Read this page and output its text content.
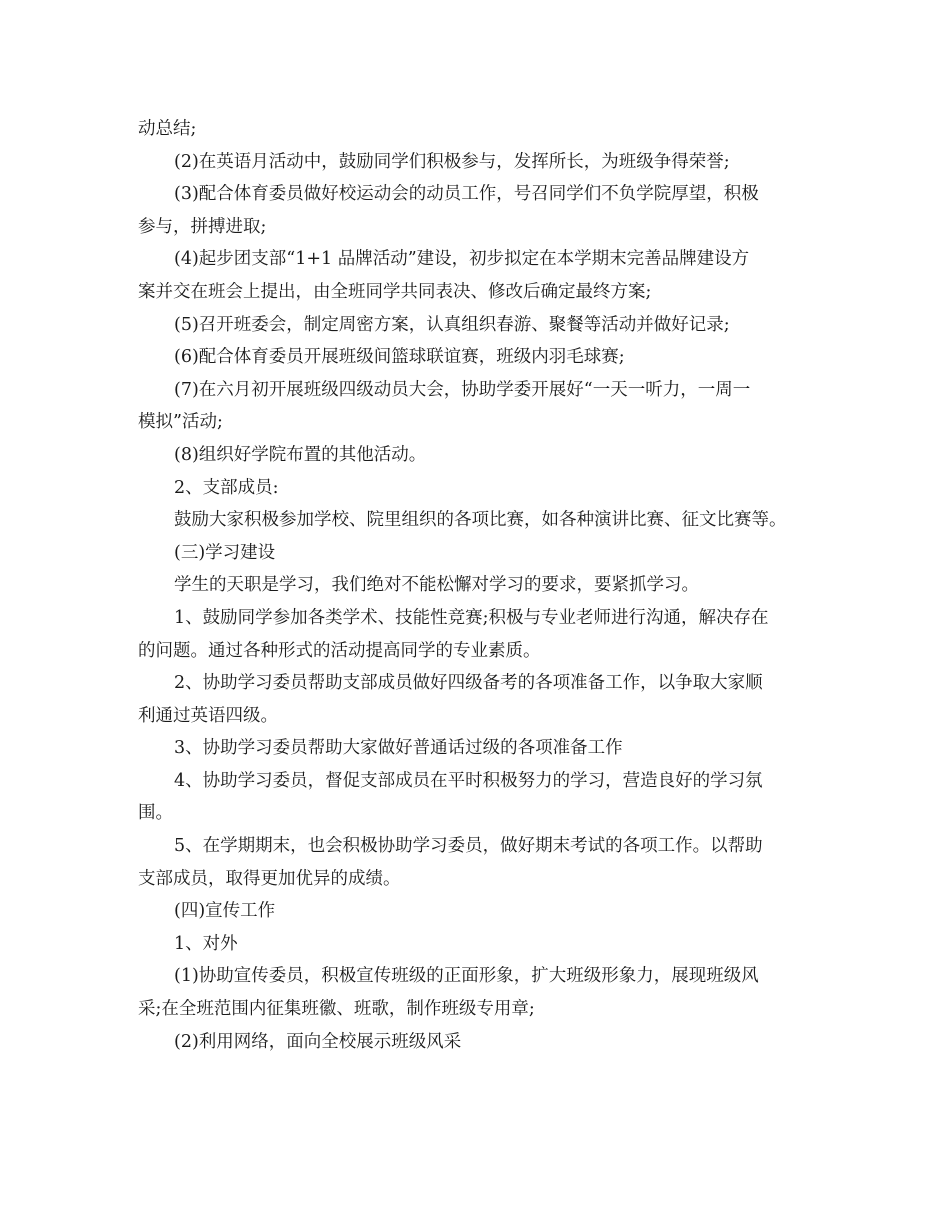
动总结;
(2)在英语月活动中，鼓励同学们积极参与，发挥所长，为班级争得荣誉;
(3)配合体育委员做好校运动会的动员工作，号召同学们不负学院厚望，积极
参与，拼搏进取;
(4)起步团支部“1+1 品牌活动”建设，初步拟定在本学期末完善品牌建设方
案并交在班会上提出，由全班同学共同表决、修改后确定最终方案;
(5)召开班委会，制定周密方案，认真组织春游、聚餐等活动并做好记录;
(6)配合体育委员开展班级间篮球联谊赛，班级内羽毛球赛;
(7)在六月初开展班级四级动员大会，协助学委开展好“一天一听力，一周一
模拟”活动;
(8)组织好学院布置的其他活动。
2、支部成员:
鼓励大家积极参加学校、院里组织的各项比赛，如各种演讲比赛、征文比赛等。
(三)学习建设
学生的天职是学习，我们绝对不能松懈对学习的要求，要紧抓学习。
1、鼓励同学参加各类学术、技能性竞赛;积极与专业老师进行沟通，解决存在
的问题。通过各种形式的活动提高同学的专业素质。
2、协助学习委员帮助支部成员做好四级备考的各项准备工作，以争取大家顺
利通过英语四级。
3、协助学习委员帮助大家做好普通话过级的各项准备工作
4、协助学习委员，督促支部成员在平时积极努力的学习，营造良好的学习氛
围。
5、在学期期末，也会积极协助学习委员，做好期末考试的各项工作。以帮助
支部成员，取得更加优异的成绩。
(四)宣传工作
1、对外
(1)协助宣传委员，积极宣传班级的正面形象，扩大班级形象力，展现班级风
采;在全班范围内征集班徽、班歌，制作班级专用章;
(2)利用网络，面向全校展示班级风采
